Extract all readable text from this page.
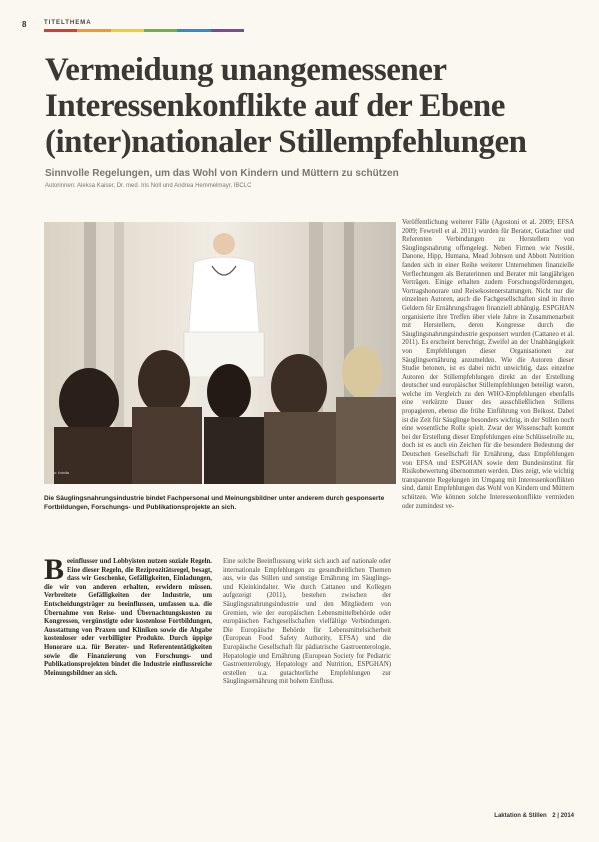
8	TITELTHEMA
Vermeidung unangemessener Interessenkonflikte auf der Ebene (inter)nationaler Stillempfehlungen
Sinnvolle Regelungen, um das Wohl von Kindern und Müttern zu schützen
Autorinnen: Aleksa Kaiser, Dr. med. Iris Noll und Andrea Hemmelmayr, IBCLC
Foto: fotolia

Die Säuglingsnahrungsindustrie bindet Fachpersonal und Meinungsbildner unter anderem durch gesponserte Fortbildungen, Forschungs- und Publikationsprojekte an sich.

Beeinflusser und Lobbyisten nutzen soziale Regeln. Eine dieser Regeln, die Reziprozitätsregel, besagt, dass wir Geschenke, Gefälligkeiten, Einladungen, die wir von anderen erhalten, erwidern müssen. Verbreitete Gefälligkeiten der Industrie, um Entscheidungsträger zu beeinflussen, umfassen u.a. die Übernahme von Reise- und Übernachtungskosten zu Kongressen, vergünstigte oder kostenlose Fortbildungen, Ausstattung von Praxen und Kliniken sowie die Abgabe kostenloser oder verbilligter Produkte. Durch üppige Honorare u.a. für Berater- und Referententätigkeiten sowie die Finanzierung von Forschungs- und Publikationsprojekten bindet die Industrie einflussreiche Meinungsbildner an sich.

Eine solche Beeinflussung wirkt sich auch auf nationale oder internationale Empfehlungen zu gesundheitlichen Themen aus, wie das Stillen und sonstige Ernährung im Säuglings- und Kleinkindalter. Wie durch Cattaneo und Kollegen aufgezeigt (2011), bestehen zwischen der Säuglingsnahrungsindustrie und den Mitgliedern von Gremien, wie der europäischen Lebensmittelbehörde oder europäischen Fachgesellschaften vielfältige Verbindungen. Die Europäische Behörde für Lebensmittelsicherheit (European Food Safety Authority, EFSA) und die Europäische Gesellschaft für pädiatrische Gastroenterologie, Hepatologie und Ernährung (European Society for Pediatric Gastroenterology, Hepatology and Nutrition, ESPGHAN) erstellen u.a. gutachterliche Empfehlungen zur Säuglingsernährung mit hohem Einfluss.

Veröffentlichung weiterer Fälle (Agostoni et al. 2009; EFSA 2009; Fewtrell et al. 2011) wurden für Berater, Gutachter und Referenten Verbindungen zu Herstellern von Säuglingsnahrung offengelegt. Neben Firmen wie Nestlé, Danone, Hipp, Humana, Mead Johnson und Abbott Nutrition fanden sich in einer Reihe weiterer Unternehmen finanzielle Verflechtungen als Beraterinnen und Berater mit langjährigen Verträgen. Einige erhalten zudem Forschungsförderungen, Vortragshonorare und Reisekostenerstattungen. Nicht nur die einzelnen Autoren, auch die Fachgesellschaften sind in ihren Geldern für Ernährungsfragen finanziell abhängig. ESPGHAN organisierte ihre Treffen über viele Jahre in Zusammenarbeit mit Herstellern, deren Kongresse durch die Säuglingsnahrungsindustrie gesponsert wurden (Cattaneo et al. 2011). Es erscheint berechtigt, Zweifel an der Unabhängigkeit von Empfehlungen dieser Organisationen zur Säuglingsernährung anzumelden. Wie die Autoren dieser Studie betonen, ist es dabei nicht unwichtig, dass einzelne Autoren der Stillempfehlungen direkt an der Erstellung deutscher und europäischer Stillempfehlungen beteiligt waren, welche im Vergleich zu den WHO-Empfehlungen ebenfalls eine verkürzte Dauer des ausschließlichen Stillens propagieren, ebenso die frühe Einführung von Beikost. Dabei ist die Zeit für Säuglinge besonders wichtig, in der Stillen noch eine wesentliche Rolle spielt. Zwar der Wissenschaft kommt bei der Erstellung dieser Empfehlungen eine Schlüsselrolle zu, doch ist es auch ein Zeichen für die besondere Bedeutung der Deutschen Gesellschaft für Ernährung, dass Empfehlungen von EFSA und ESPGHAN sowie dem Bundesinstitut für Risikobewertung übernommen werden. Dies zeigt, wie wichtig transparente Regelungen im Umgang mit Interessenkonflikten sind, damit Empfehlungen das Wohl von Kindern und Müttern schützen. Wie können solche Interessenkonflikte vermieden oder zumindest ve-

Laktation & Stillen 2 | 2014
